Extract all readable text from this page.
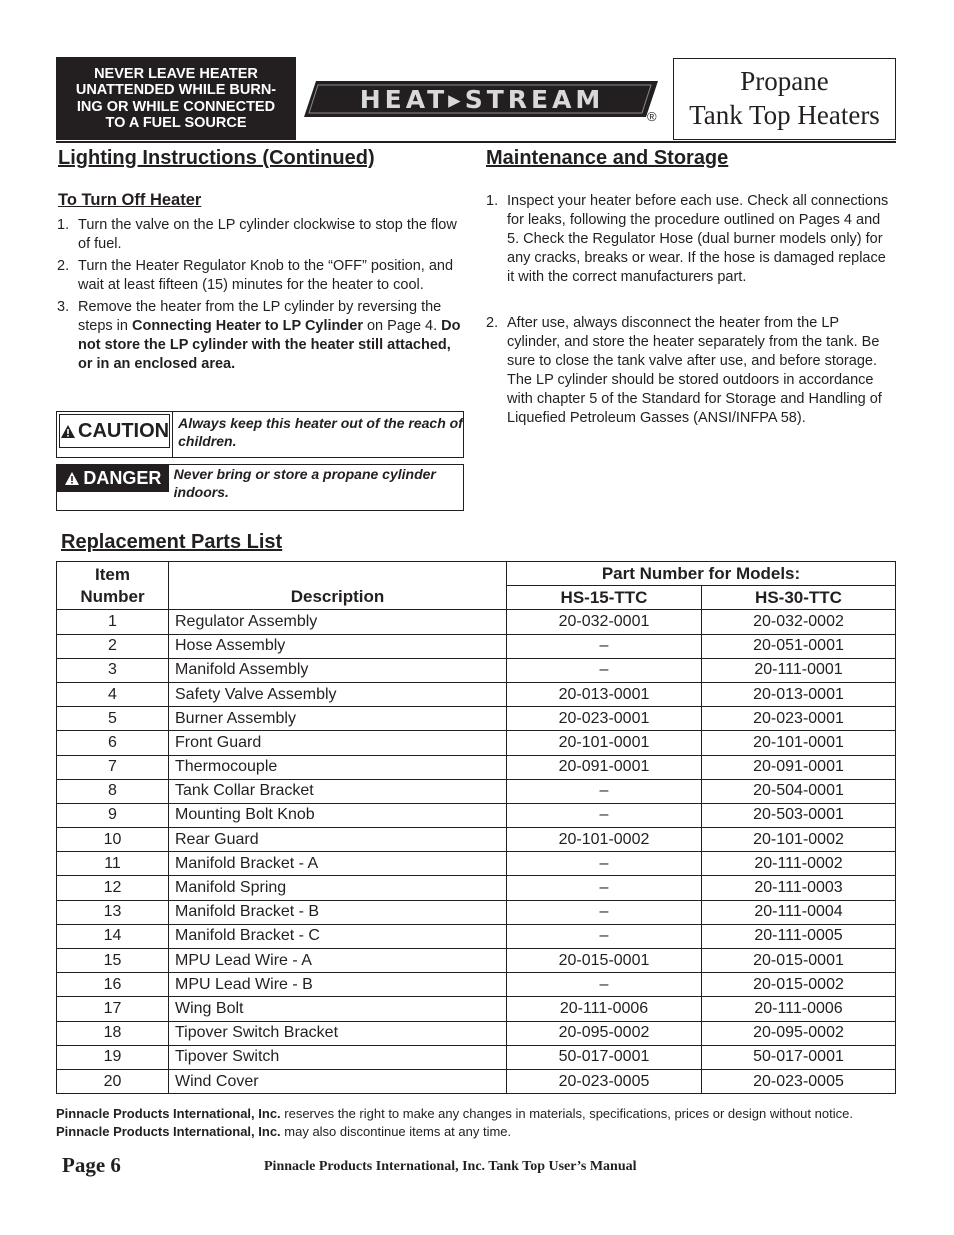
NEVER LEAVE HEATER
UNATTENDED WHILE BURN-
ING OR WHILE CONNECTED
TO A FUEL SOURCE
HEAT▸STREAM
®
Propane
Tank Top Heaters
Lighting Instructions (Continued)
To Turn Off Heater
1. Turn the valve on the LP cylinder clockwise to stop the flow of fuel.
2. Turn the Heater Regulator Knob to the “OFF” position, and wait at least fifteen (15) minutes for the heater to cool.
3. Remove the heater from the LP cylinder by reversing the steps in Connecting Heater to LP Cylinder on Page 4. Do not store the LP cylinder with the heater still attached, or in an enclosed area.
CAUTION Always keep this heater out of the reach of children.
DANGER Never bring or store a propane cylinder indoors.
Maintenance and Storage
1. Inspect your heater before each use. Check all connections for leaks, following the procedure outlined on Pages 4 and 5. Check the Regulator Hose (dual burner models only) for any cracks, breaks or wear. If the hose is damaged replace it with the correct manufacturers part.
2. After use, always disconnect the heater from the LP cylinder, and store the heater separately from the tank. Be sure to close the tank valve after use, and before storage. The LP cylinder should be stored outdoors in accordance with chapter 5 of the Standard for Storage and Handling of Liquefied Petroleum Gasses (ANSI/INFPA 58).
Replacement Parts List
Item
Number	Description	Part Number for Models:	
		HS-15-TTC	HS-30-TTC
1	Regulator Assembly	20-032-0001	20-032-0002
2	Hose Assembly	–	20-051-0001
3	Manifold Assembly	–	20-111-0001
4	Safety Valve Assembly	20-013-0001	20-013-0001
5	Burner Assembly	20-023-0001	20-023-0001
6	Front Guard	20-101-0001	20-101-0001
7	Thermocouple	20-091-0001	20-091-0001
8	Tank Collar Bracket	–	20-504-0001
9	Mounting Bolt Knob	–	20-503-0001
10	Rear Guard	20-101-0002	20-101-0002
11	Manifold Bracket - A	–	20-111-0002
12	Manifold Spring	–	20-111-0003
13	Manifold Bracket - B	–	20-111-0004
14	Manifold Bracket - C	–	20-111-0005
15	MPU Lead Wire - A	20-015-0001	20-015-0001
16	MPU Lead Wire - B	–	20-015-0002
17	Wing Bolt	20-111-0006	20-111-0006
18	Tipover Switch Bracket	20-095-0002	20-095-0002
19	Tipover Switch	50-017-0001	50-017-0001
20	Wind Cover	20-023-0005	20-023-0005
Pinnacle Products International, Inc. reserves the right to make any changes in materials, specifications, prices or design without notice. Pinnacle Products International, Inc. may also discontinue items at any time.
Page 6	Pinnacle Products International, Inc. Tank Top User’s Manual
